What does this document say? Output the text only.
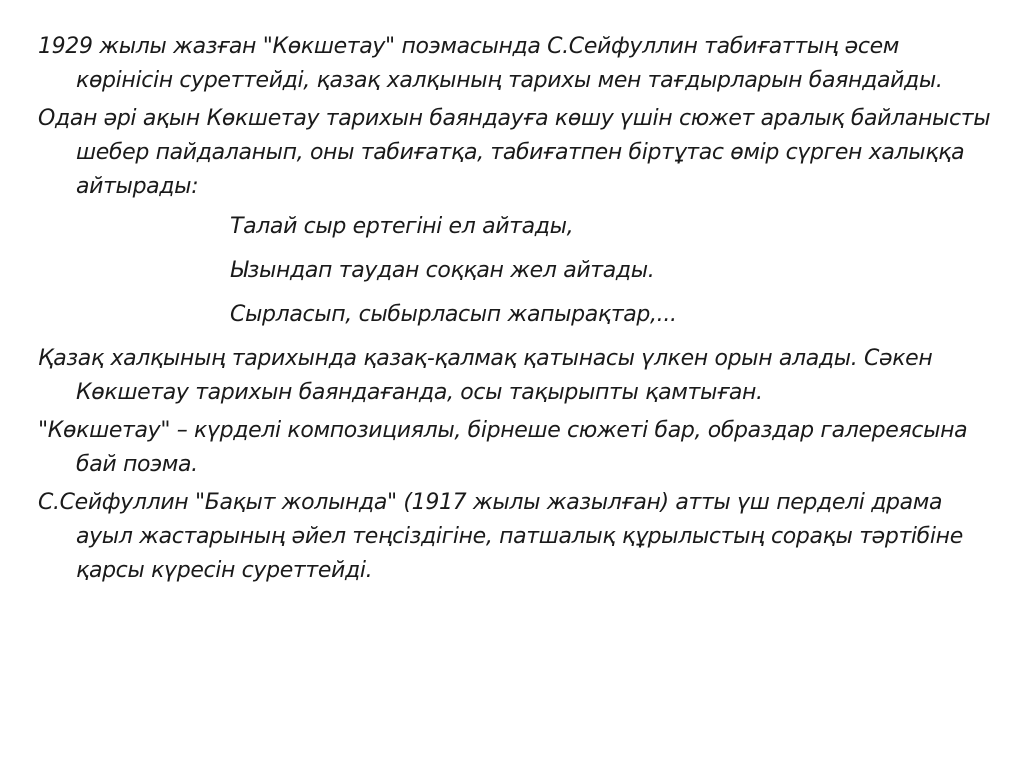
1929 жылы жазған "Көкшетау" поэмасында С.Сейфуллин табиғаттың әсем көрінісін суреттейді, қазақ халқының тарихы мен тағдырларын баяндайды.

Одан әрі ақын Көкшетау тарихын баяндауға көшу үшін сюжет аралық байланысты шебер пайдаланып, оны табиғатқа, табиғатпен біртұтас өмір сүрген халыққа айтырады:

Талай сыр ертегіні ел айтады,

Ызындап таудан соққан жел айтады.

Сырласып, сыбырласып жапырақтар,...

Қазақ халқының тарихында қазақ-қалмақ қатынасы үлкен орын алады. Сәкен Көкшетау тарихын баяндағанда, осы тақырыпты қамтыған.

"Көкшетау" – күрделі композициялы, бірнеше сюжеті бар, образдар галереясына бай поэма.

С.Сейфуллин "Бақыт жолында" (1917 жылы жазылған) атты үш перделі драма ауыл жастарының әйел теңсіздігіне, патшалық құрылыстың сорақы тәртібіне қарсы күресін суреттейді.
